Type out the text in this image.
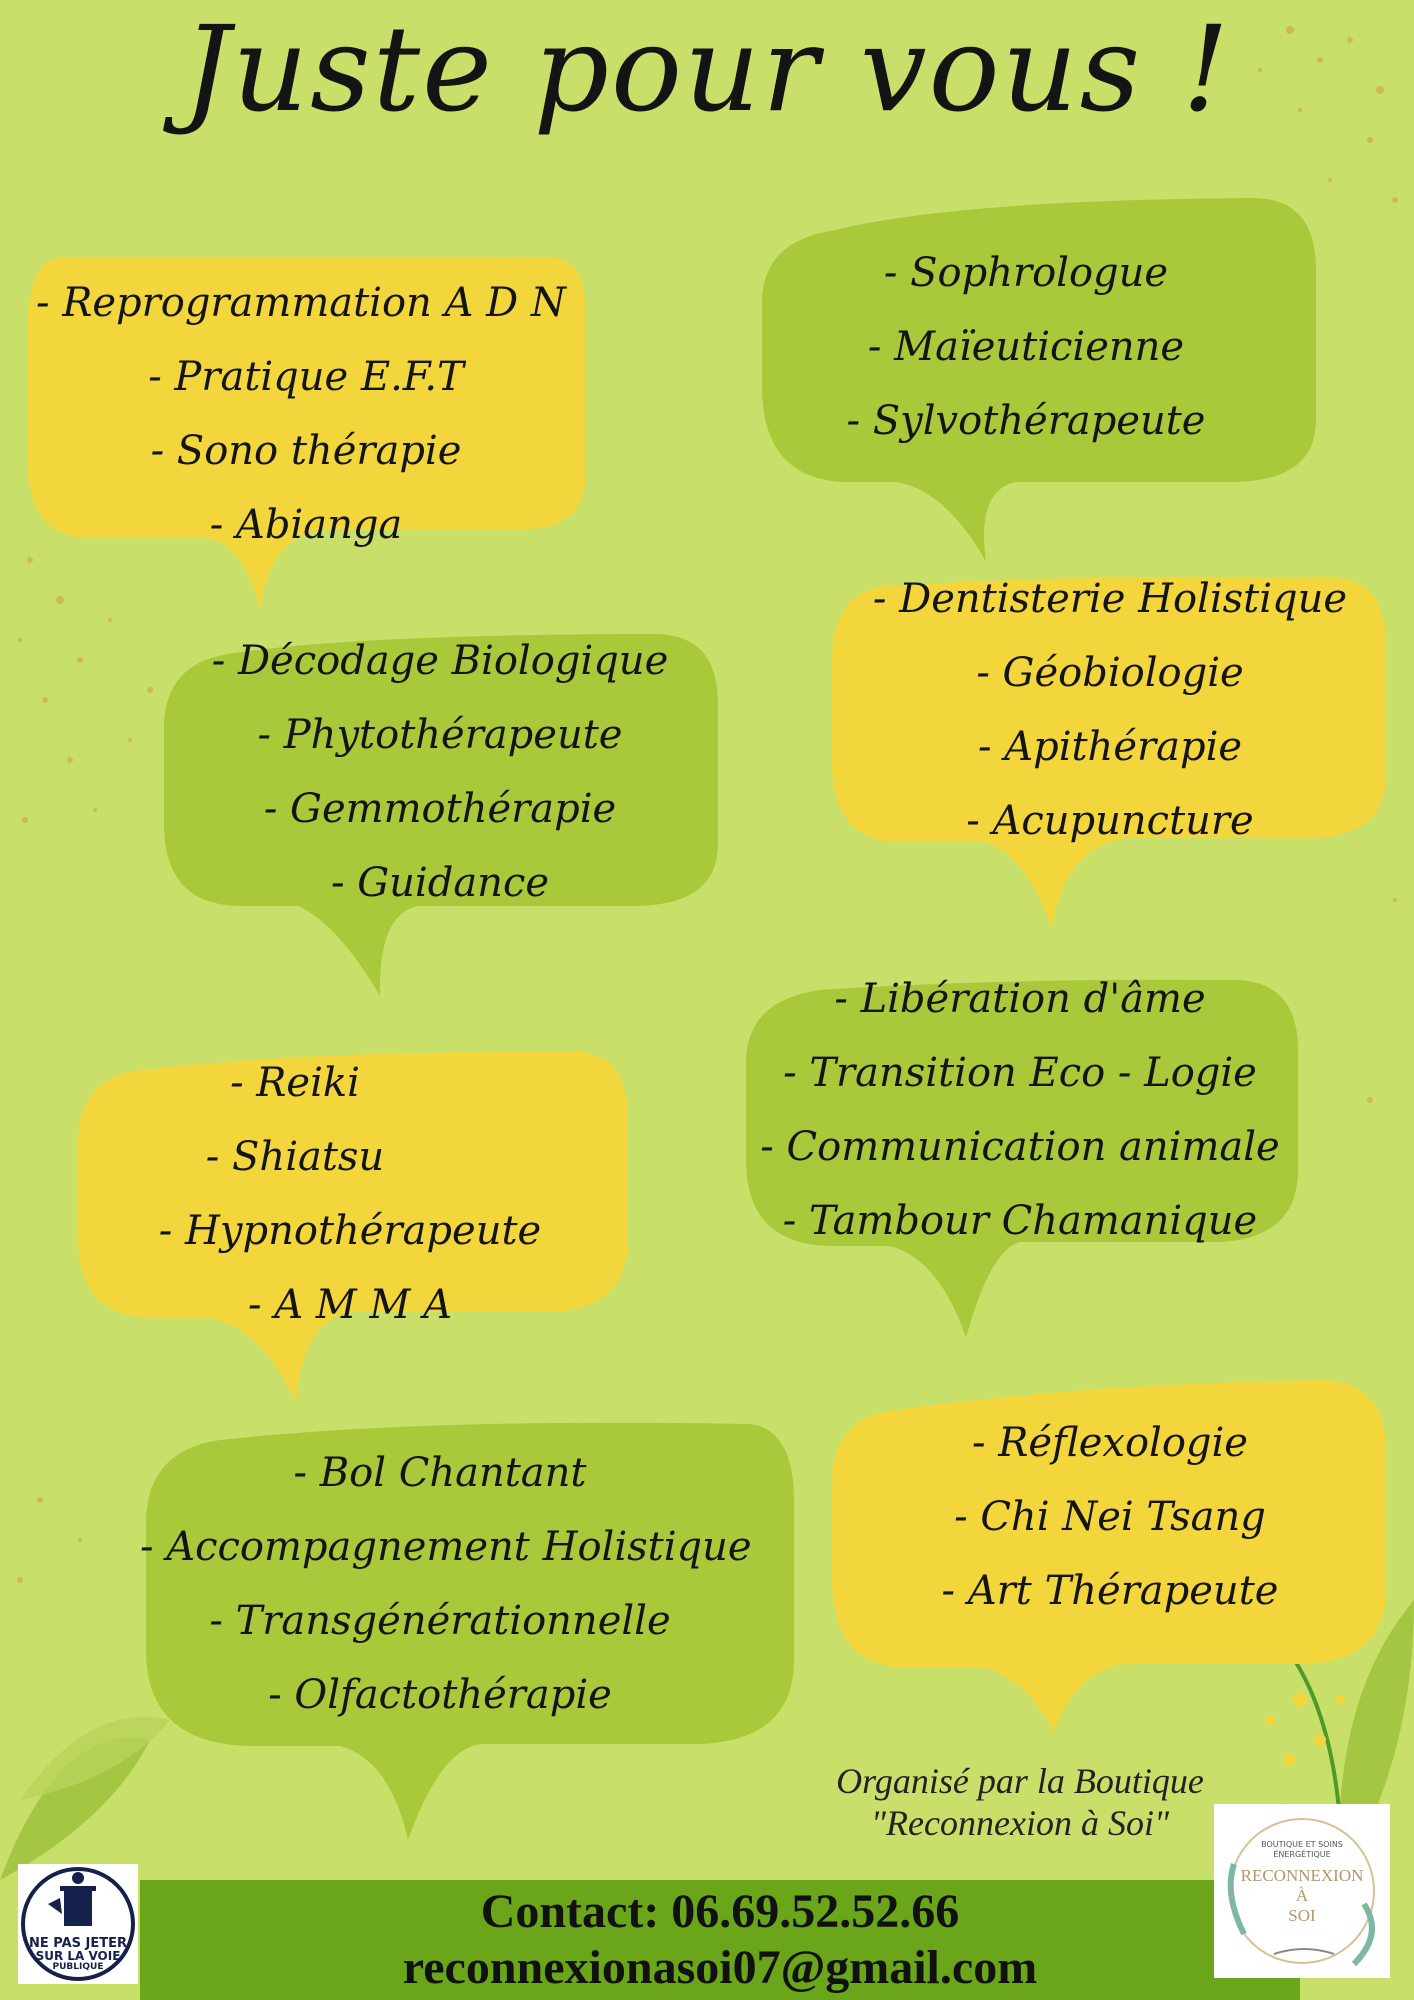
Juste pour vous !
- Reprogrammation A D N
- Pratique E.F.T
- Sono thérapie
- Abianga
- Sophrologue
- Maïeuticienne
- Sylvothérapeute
- Décodage Biologique
- Phytothérapeute
- Gemmothérapie
- Guidance
- Dentisterie Holistique
- Géobiologie
- Apithérapie
- Acupuncture
- Reiki
- Shiatsu
- Hypnothérapeute
- A M M A
- Libération d'âme
- Transition Eco - Logie
- Communication animale
- Tambour Chamanique
- Bol Chantant
- Accompagnement Holistique
- Transgénérationnelle
- Olfactothérapie
- Réflexologie
- Chi Nei Tsang
- Art Thérapeute
Organisé par la Boutique
"Reconnexion à Soi"
Contact: 06.69.52.52.66
reconnexionasoi07@gmail.com
NE PAS JETER
SUR LA VOIE
PUBLIQUE
BOUTIQUE ET SOINS
ÉNERGÉTIQUE
RECONNEXION
À
SOI
